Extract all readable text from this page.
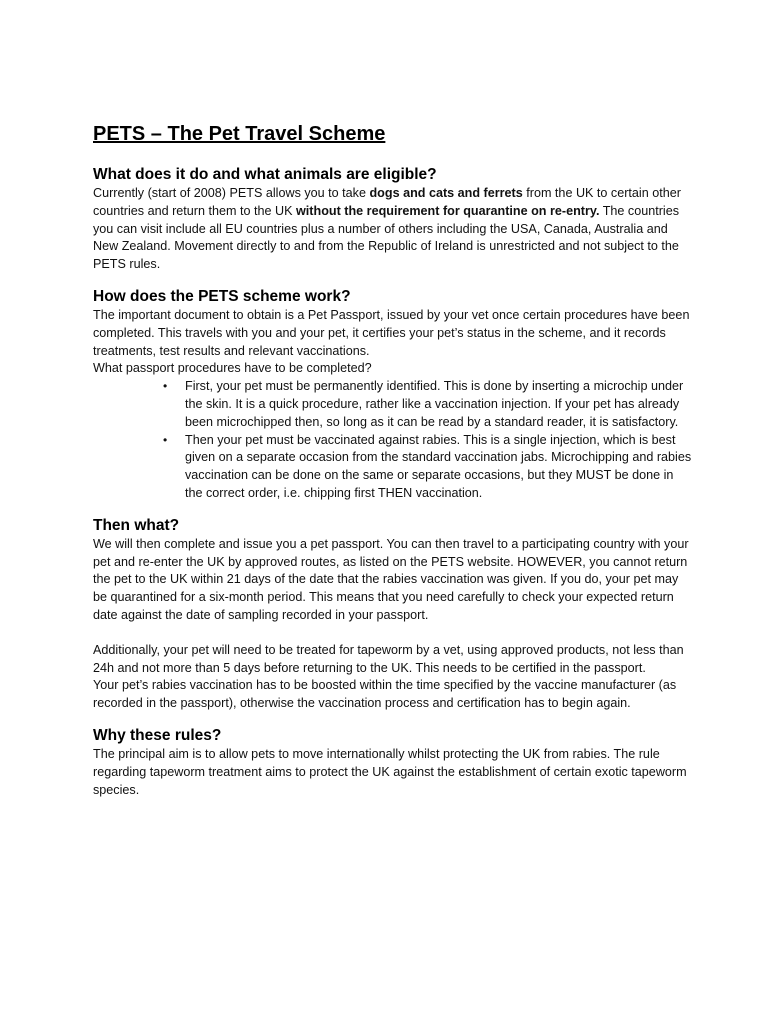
PETS – The Pet Travel Scheme
What does it do and what animals are eligible?

Currently (start of 2008) PETS allows you to take dogs and cats and ferrets from the UK to certain other countries and return them to the UK without the requirement for quarantine on re-entry. The countries you can visit include all EU countries plus a number of others including the USA, Canada, Australia and New Zealand. Movement directly to and from the Republic of Ireland is unrestricted and not subject to the PETS rules.

How does the PETS scheme work?

The important document to obtain is a Pet Passport, issued by your vet once certain procedures have been completed. This travels with you and your pet, it certifies your pet’s status in the scheme, and it records treatments, test results and relevant vaccinations.

What passport procedures have to be completed?

• First, your pet must be permanently identified. This is done by inserting a microchip under the skin. It is a quick procedure, rather like a vaccination injection. If your pet has already been microchipped then, so long as it can be read by a standard reader, it is satisfactory.
• Then your pet must be vaccinated against rabies. This is a single injection, which is best given on a separate occasion from the standard vaccination jabs. Microchipping and rabies vaccination can be done on the same or separate occasions, but they MUST be done in the correct order, i.e. chipping first THEN vaccination.
Then what?

We will then complete and issue you a pet passport. You can then travel to a participating country with your pet and re-enter the UK by approved routes, as listed on the PETS website. HOWEVER, you cannot return the pet to the UK within 21 days of the date that the rabies vaccination was given. If you do, your pet may be quarantined for a six-month period. This means that you need carefully to check your expected return date against the date of sampling recorded in your passport.

Additionally, your pet will need to be treated for tapeworm by a vet, using approved products, not less than 24h and not more than 5 days before returning to the UK. This needs to be certified in the passport.

Your pet’s rabies vaccination has to be boosted within the time specified by the vaccine manufacturer (as recorded in the passport), otherwise the vaccination process and certification has to begin again.

Why these rules?

The principal aim is to allow pets to move internationally whilst protecting the UK from rabies. The rule regarding tapeworm treatment aims to protect the UK against the establishment of certain exotic tapeworm species.
